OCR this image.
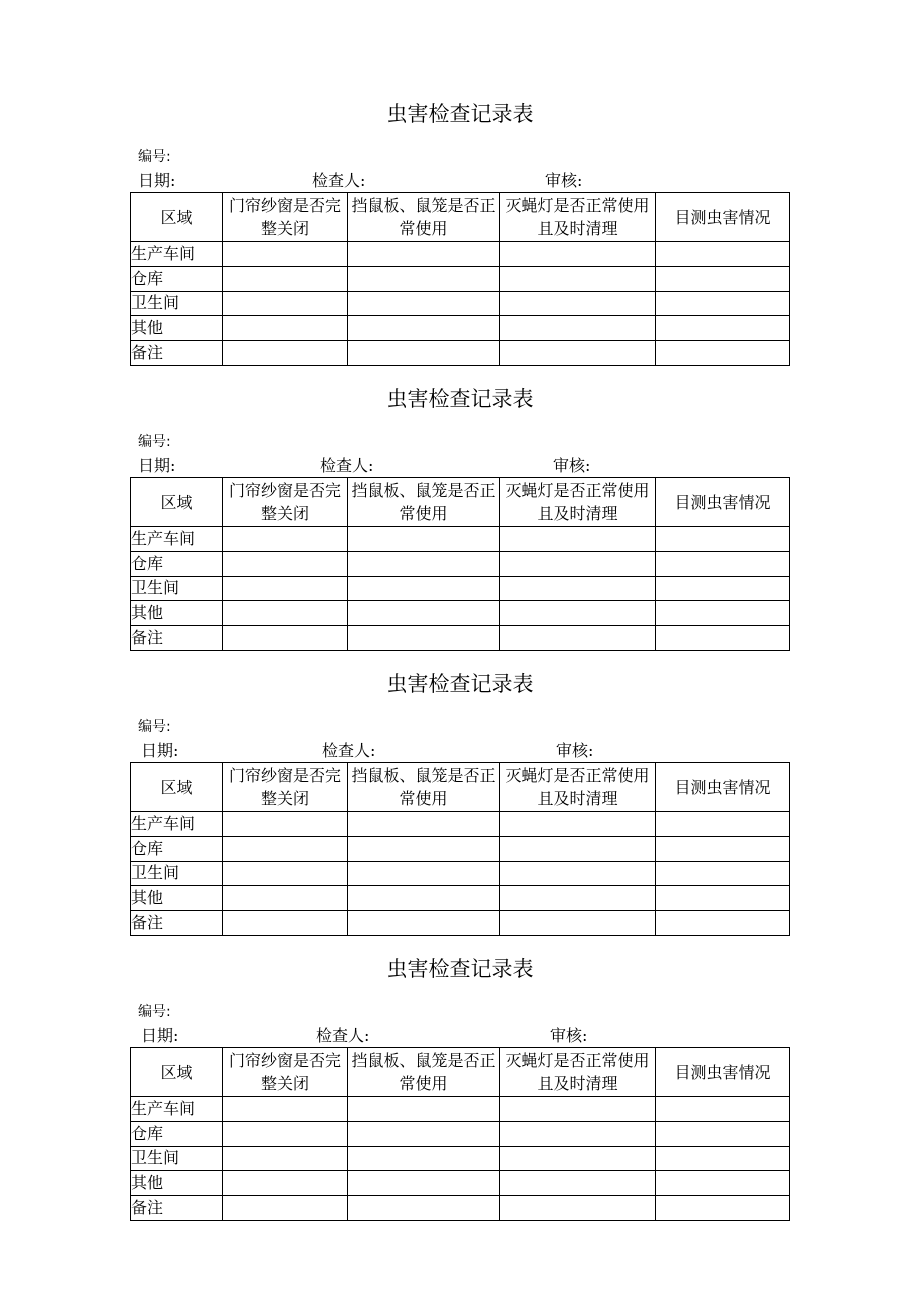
虫害检查记录表
编号:
日期:	检查人:	审核:
区域	门帘纱窗是否完整关闭	挡鼠板、鼠笼是否正常使用	灭蝇灯是否正常使用且及时清理	目测虫害情况
生产车间				
仓库				
卫生间				
其他				
备注				
虫害检查记录表
编号:
日期:	检查人:	审核:
区域	门帘纱窗是否完整关闭	挡鼠板、鼠笼是否正常使用	灭蝇灯是否正常使用且及时清理	目测虫害情况
生产车间				
仓库				
卫生间				
其他				
备注				
虫害检查记录表
编号:
日期:	检查人:	审核:
区域	门帘纱窗是否完整关闭	挡鼠板、鼠笼是否正常使用	灭蝇灯是否正常使用且及时清理	目测虫害情况
生产车间				
仓库				
卫生间				
其他				
备注				
虫害检查记录表
编号:
日期:	检查人:	审核:
区域	门帘纱窗是否完整关闭	挡鼠板、鼠笼是否正常使用	灭蝇灯是否正常使用且及时清理	目测虫害情况
生产车间				
仓库				
卫生间				
其他				
备注				
